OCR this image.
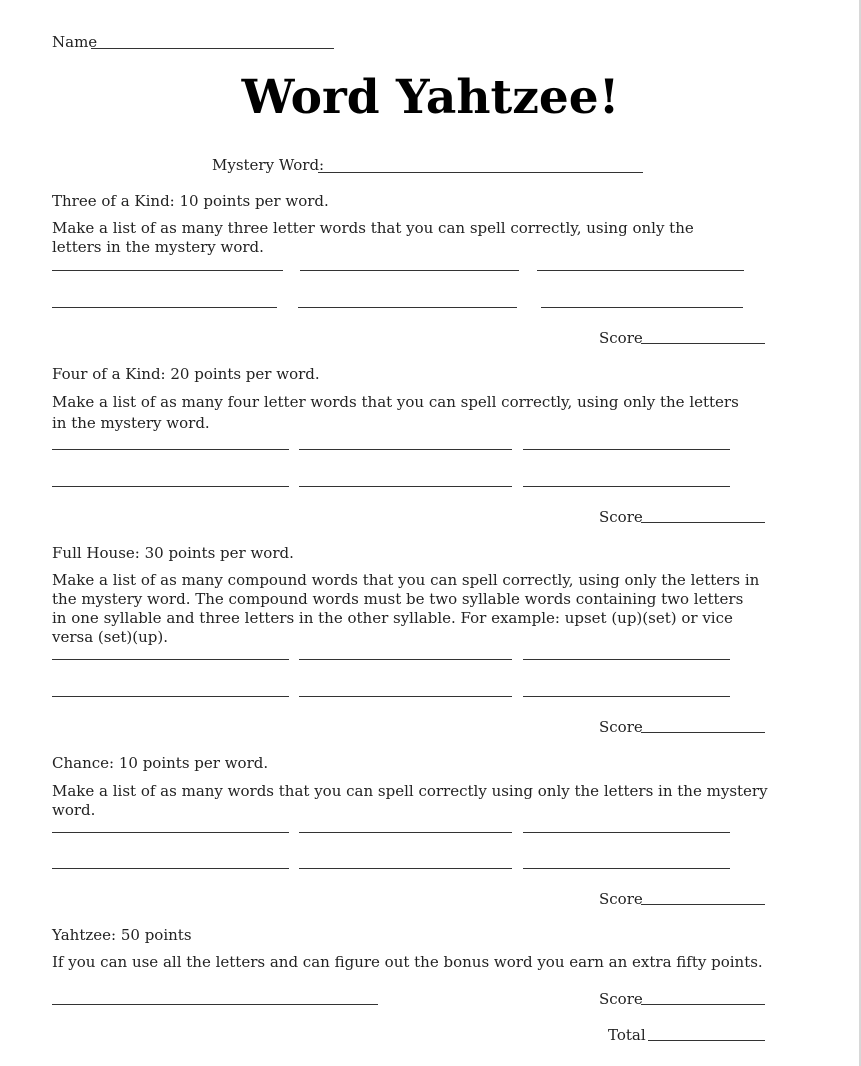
Name
Word Yahtzee!
Mystery Word:
Three of a Kind: 10 points per word.
Make a list of as many three letter words that you can spell correctly, using only the letters in the mystery word.
Score
Four of a Kind: 20 points per word.
Make a list of as many four letter words that you can spell correctly, using only the letters in the mystery word.
Score
Full House: 30 points per word.
Make a list of as many compound words that you can spell correctly, using only the letters in the mystery word. The compound words must be two syllable words containing two letters in one syllable and three letters in the other syllable. For example: upset (up)(set) or vice versa (set)(up).
Score
Chance: 10 points per word.
Make a list of as many words that you can spell correctly using only the letters in the mystery word.
Score
Yahtzee: 50 points
If you can use all the letters and can figure out the bonus word you earn an extra fifty points.
Score
Total
